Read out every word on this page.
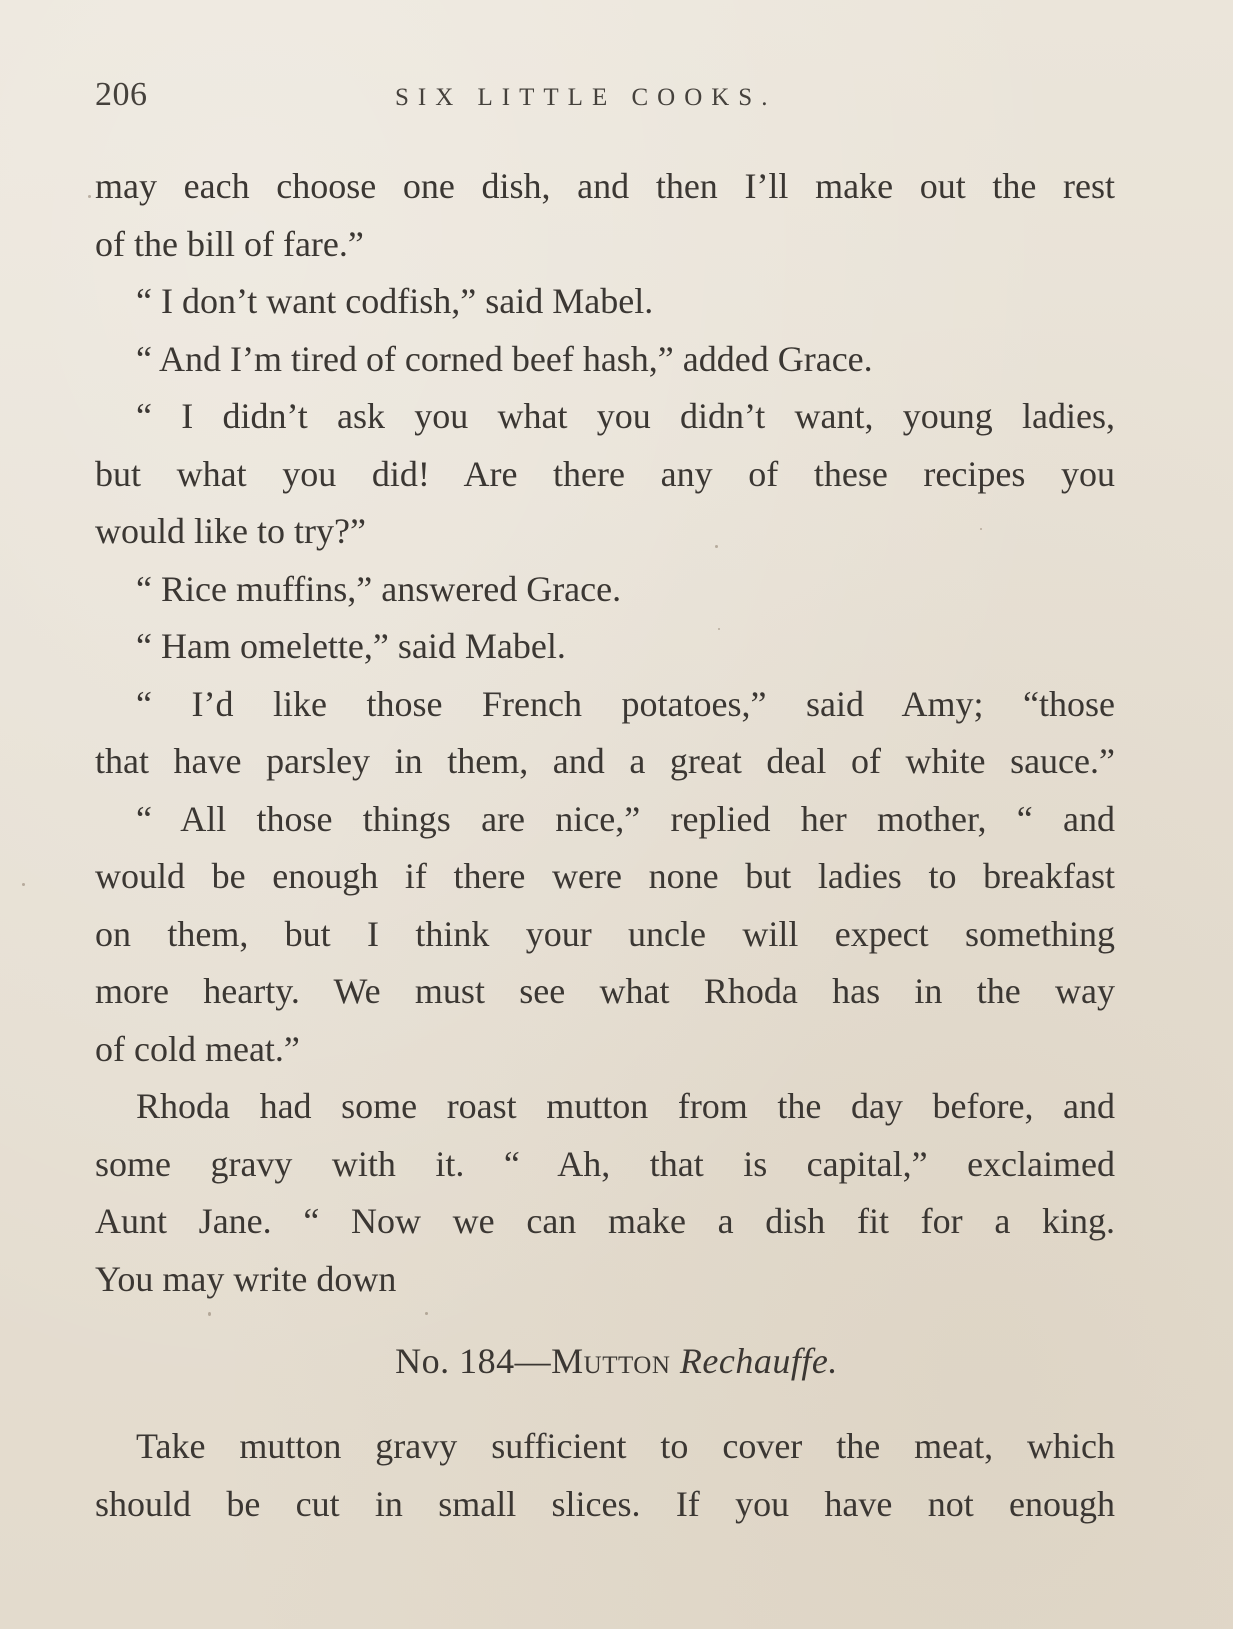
206	SIX LITTLE COOKS.
may each choose one dish, and then I’ll make out the rest
of the bill of fare.”
“ I don’t want codfish,” said Mabel.
“ And I’m tired of corned beef hash,” added Grace.
“ I didn’t ask you what you didn’t want, young ladies,
but what you did! Are there any of these recipes you
would like to try?”
“ Rice muffins,” answered Grace.
“ Ham omelette,” said Mabel.
“ I’d like those French potatoes,” said Amy; “those
that have parsley in them, and a great deal of white sauce.”
“ All those things are nice,” replied her mother, “ and
would be enough if there were none but ladies to breakfast
on them, but I think your uncle will expect something
more hearty. We must see what Rhoda has in the way
of cold meat.”
Rhoda had some roast mutton from the day before, and
some gravy with it. “ Ah, that is capital,” exclaimed
Aunt Jane. “ Now we can make a dish fit for a king.
You may write down
No. 184—Mutton Rechauffe.
Take mutton gravy sufficient to cover the meat, which
should be cut in small slices. If you have not enough
